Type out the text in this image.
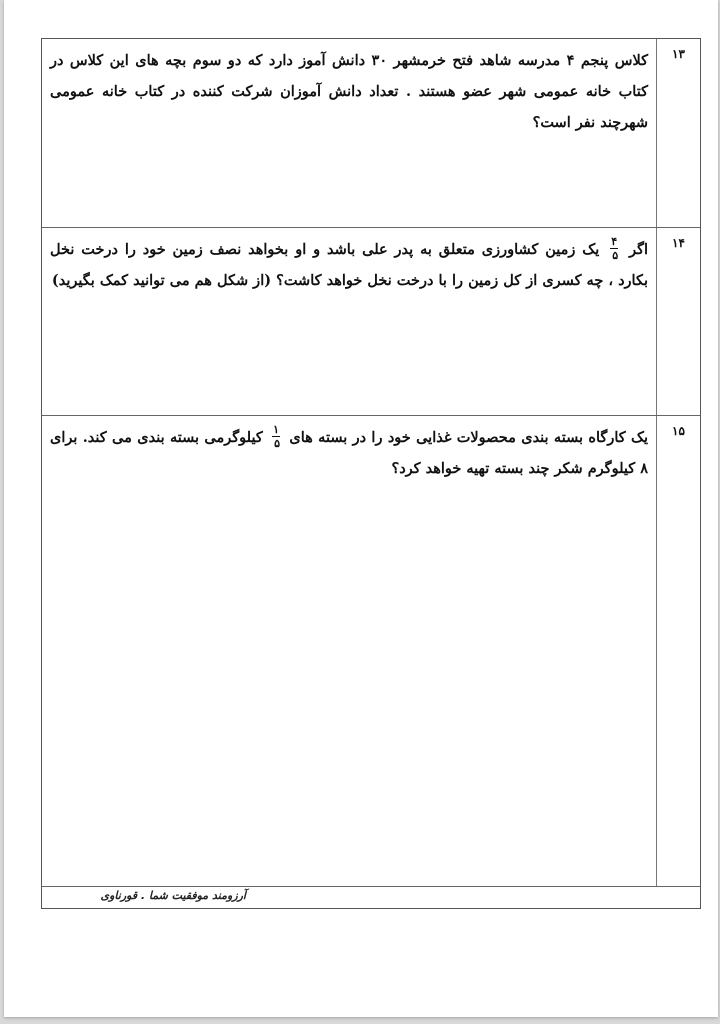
۱۳
کلاس پنجم ۴ مدرسه شاهد فتح خرمشهر ۳۰ دانش آموز دارد که دو سوم بچه های این کلاس در کتاب خانه عمومی شهر عضو هستند . تعداد دانش آموزان شرکت کننده در کتاب خانه عمومی شهرچند نفر است؟
۱۴
اگر
$\frac{۴}{۵}$
یک زمین کشاورزی متعلق به پدر علی باشد و او بخواهد نصف زمین خود را درخت نخل بکارد ، چه کسری از کل زمین را با درخت نخل خواهد کاشت؟ (از شکل هم می توانید کمک بگیرید)
۱۵
یک کارگاه بسته بندی محصولات غذایی خود را در بسته های
$\frac{۱}{۵}$
کیلوگرمی بسته بندی می کند. برای ۸ کیلوگرم شکر چند بسته تهیه خواهد کرد؟
آرزومند موفقیت شما . قورناوی
